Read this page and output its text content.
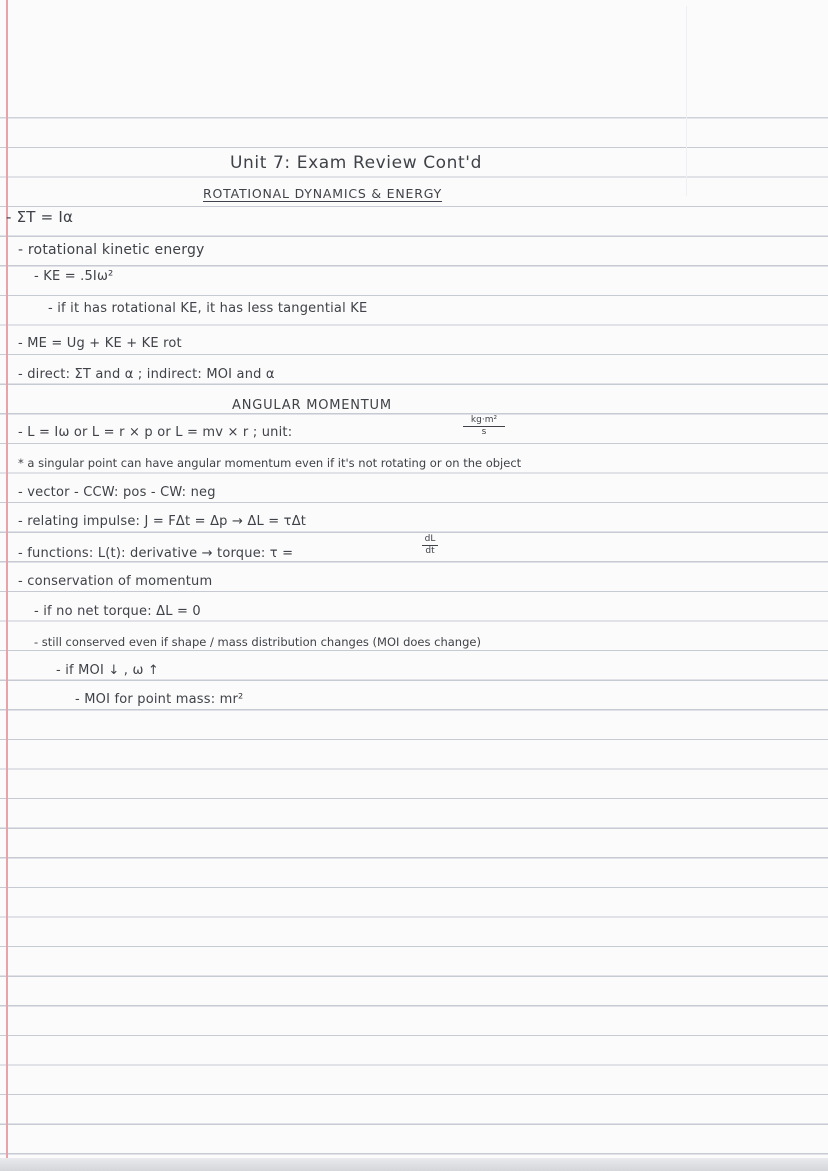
Unit 7: Exam Review Cont'd
ROTATIONAL DYNAMICS & ENERGY
- ΣT = Iα
- rotational kinetic energy
- KE = .5Iω²
- if it has rotational KE, it has less tangential KE
- ME = Ug + KE + KE rot
- direct: ΣT and α ; indirect: MOI and α
ANGULAR MOMENTUM
- L = Iω or L = r × p or L = mv × r ; unit:
kg·m²
s
* a singular point can have angular momentum even if it's not rotating or on the object
- vector - CCW: pos - CW: neg
- relating impulse: J = FΔt = Δp → ΔL = τΔt
- functions: L(t): derivative → torque: τ =
dL
dt
- conservation of momentum
- if no net torque: ΔL = 0
- still conserved even if shape / mass distribution changes (MOI does change)
- if MOI ↓ , ω ↑
- MOI for point mass: mr²
